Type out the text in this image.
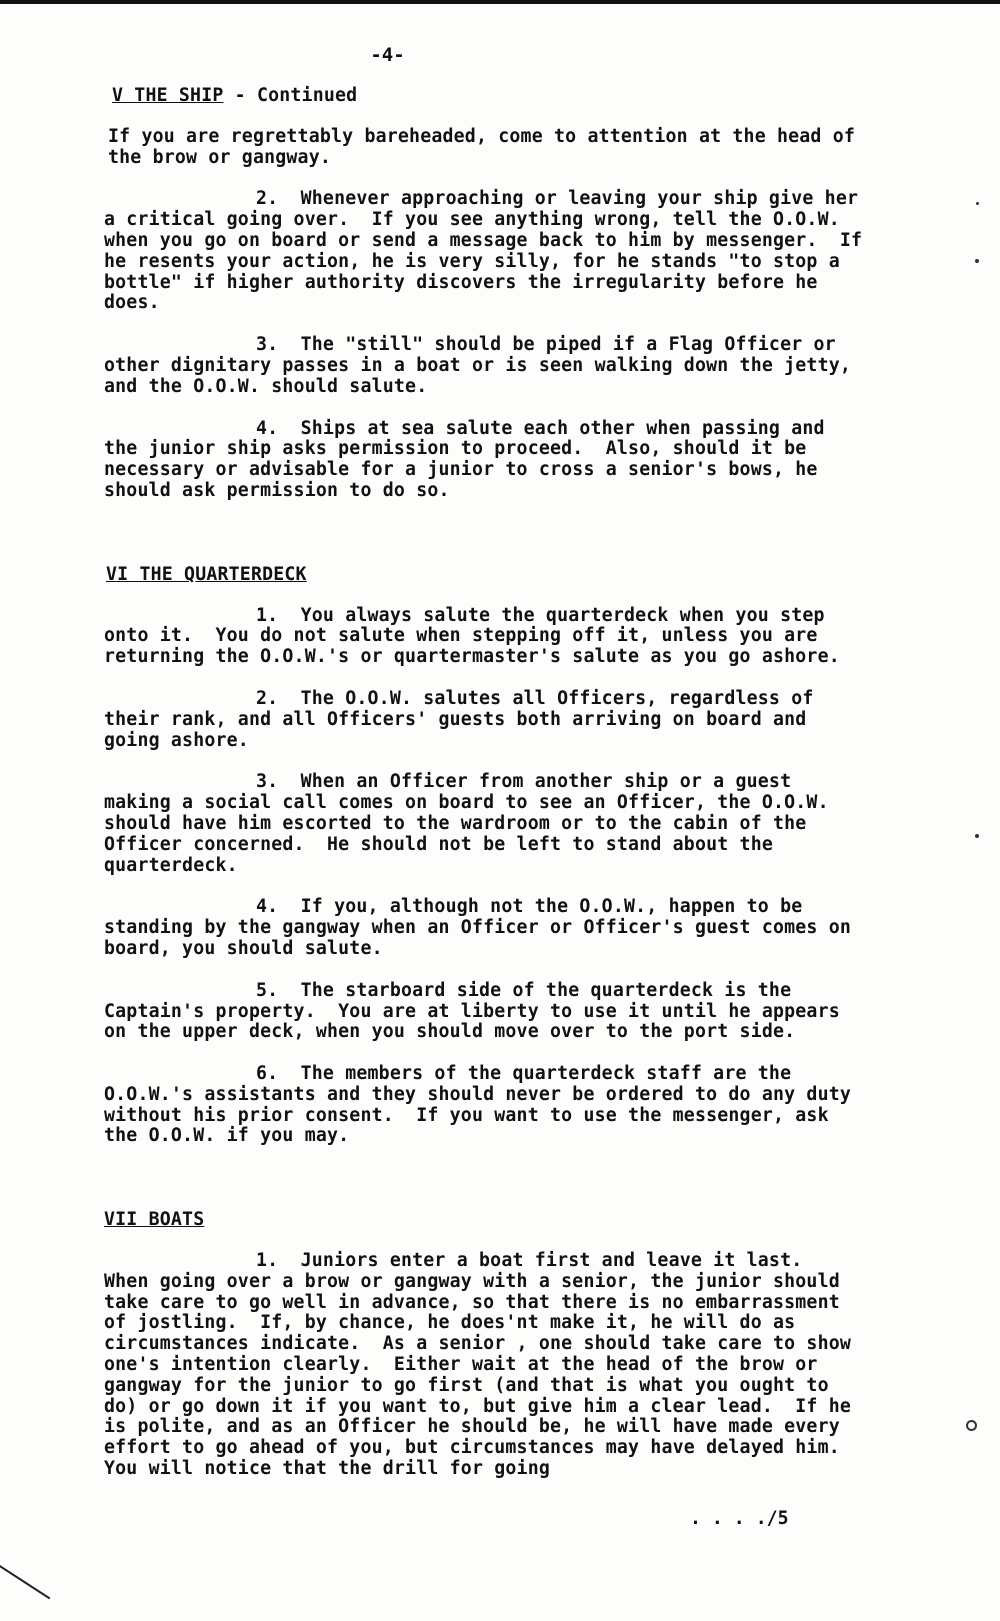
-4-
V THE SHIP - Continued

If you are regrettably bareheaded, come to attention at the head of the brow or gangway.

2. Whenever approaching or leaving your ship give her a critical going over.  If you see anything wrong, tell the O.O.W. when you go on board or send a message back to him by messenger.  If he resents your action, he is very silly, for he stands "to stop a bottle" if higher authority discovers the irregularity before he does.

3. The "still" should be piped if a Flag Officer or other dignitary passes in a boat or is seen walking down the jetty, and the O.O.W. should salute.

4. Ships at sea salute each other when passing and the junior ship asks permission to proceed.  Also, should it be necessary or advisable for a junior to cross a senior's bows, he should ask permission to do so.

VI THE QUARTERDECK

1. You always salute the quarterdeck when you step onto it.  You do not salute when stepping off it, unless you are returning the O.O.W.'s or quartermaster's salute as you go ashore.

2. The O.O.W. salutes all Officers, regardless of their rank, and all Officers' guests both arriving on board and going ashore.

3. When an Officer from another ship or a guest making a social call comes on board to see an Officer, the O.O.W. should have him escorted to the wardroom or to the cabin of the Officer concerned.  He should not be left to stand about the quarterdeck.

4. If you, although not the O.O.W., happen to be standing by the gangway when an Officer or Officer's guest comes on board, you should salute.

5. The starboard side of the quarterdeck is the Captain's property.  You are at liberty to use it until he appears on the upper deck, when you should move over to the port side.

6. The members of the quarterdeck staff are the O.O.W.'s assistants and they should never be ordered to do any duty without his prior consent.  If you want to use the messenger, ask the O.O.W. if you may.

VII BOATS

1. Juniors enter a boat first and leave it last.  When going over a brow or gangway with a senior, the junior should take care to go well in advance, so that there is no embarrassment of jostling.  If, by chance, he does'nt make it, he will do as circumstances indicate.  As a senior , one should take care to show one's intention clearly.  Either wait at the head of the brow or gangway for the junior to go first (and that is what you ought to do) or go down it if you want to, but give him a clear lead.  If he is polite, and as an Officer he should be, he will have made every effort to go ahead of you, but circumstances may have delayed him.  You will notice that the drill for going

. . . ./5
